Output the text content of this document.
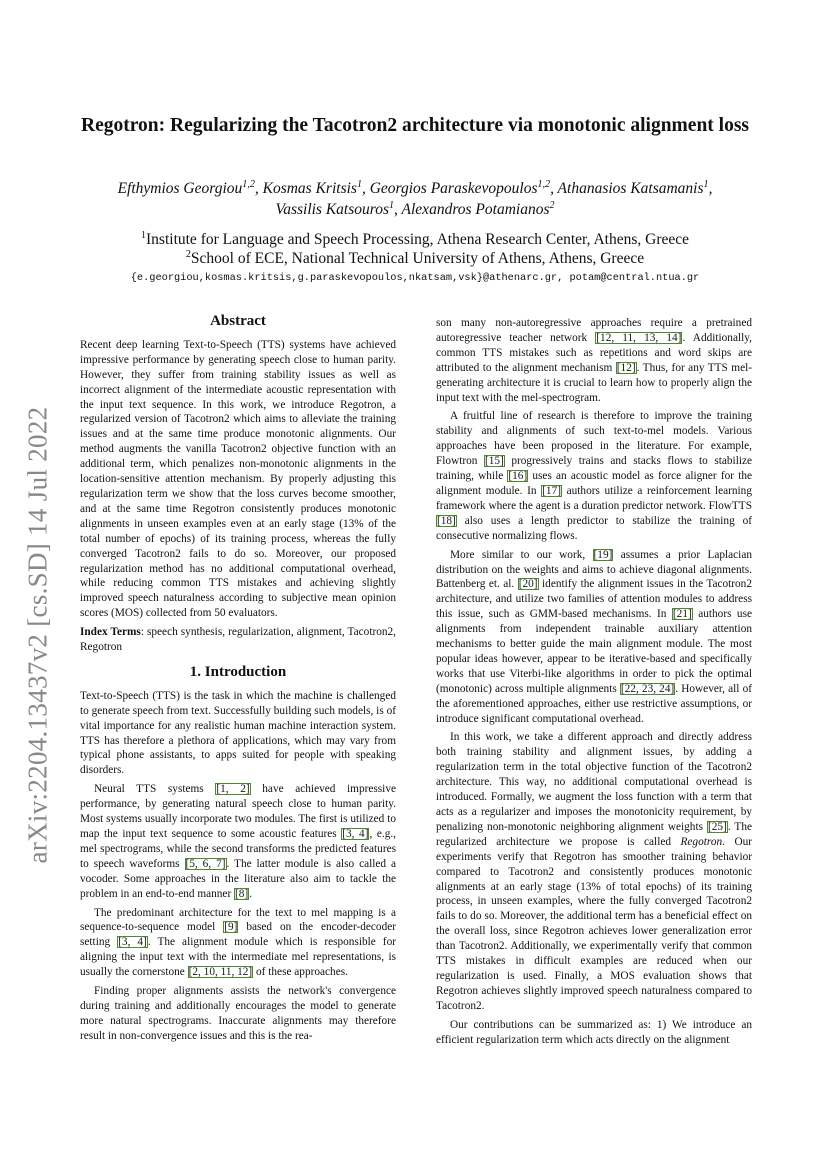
arXiv:2204.13437v2 [cs.SD] 14 Jul 2022
Regotron: Regularizing the Tacotron2 architecture via monotonic alignment loss
Efthymios Georgiou$^{1,2}$, Kosmas Kritsis$^1$, Georgios Paraskevopoulos$^{1,2}$, Athanasios Katsamanis$^1$,
Vassilis Katsouros$^1$, Alexandros Potamianos$^2$
$^1$Institute for Language and Speech Processing, Athena Research Center, Athens, Greece
$^2$School of ECE, National Technical University of Athens, Athens, Greece
{e.georgiou,kosmas.kritsis,g.paraskevopoulos,nkatsam,vsk}@athenarc.gr, potam@central.ntua.gr
Abstract

Recent deep learning Text-to-Speech (TTS) systems have achieved impressive performance by generating speech close to human parity. However, they suffer from training stability issues as well as incorrect alignment of the intermediate acoustic representation with the input text sequence. In this work, we introduce Regotron, a regularized version of Tacotron2 which aims to alleviate the training issues and at the same time produce monotonic alignments. Our method augments the vanilla Tacotron2 objective function with an additional term, which penalizes non-monotonic alignments in the location-sensitive attention mechanism. By properly adjusting this regularization term we show that the loss curves become smoother, and at the same time Regotron consistently produces monotonic alignments in unseen examples even at an early stage (13% of the total number of epochs) of its training process, whereas the fully converged Tacotron2 fails to do so. Moreover, our proposed regularization method has no additional computational overhead, while reducing common TTS mistakes and achieving slightly improved speech naturalness according to subjective mean opinion scores (MOS) collected from 50 evaluators.

Index Terms: speech synthesis, regularization, alignment, Tacotron2, Regotron

1. Introduction

Text-to-Speech (TTS) is the task in which the machine is challenged to generate speech from text. Successfully building such models, is of vital importance for any realistic human machine interaction system. TTS has therefore a plethora of applications, which may vary from typical phone assistants, to apps suited for people with speaking disorders.

Neural TTS systems [1, 2] have achieved impressive performance, by generating natural speech close to human parity. Most systems usually incorporate two modules. The first is utilized to map the input text sequence to some acoustic features [3, 4], e.g., mel spectrograms, while the second transforms the predicted features to speech waveforms [5, 6, 7]. The latter module is also called a vocoder. Some approaches in the literature also aim to tackle the problem in an end-to-end manner [8].

The predominant architecture for the text to mel mapping is a sequence-to-sequence model [9] based on the encoder-decoder setting [3, 4]. The alignment module which is responsible for aligning the input text with the intermediate mel representations, is usually the cornerstone [2, 10, 11, 12] of these approaches.

Finding proper alignments assists the network's convergence during training and additionally encourages the model to generate more natural spectrograms. Inaccurate alignments may therefore result in non-convergence issues and this is the rea-

son many non-autoregressive approaches require a pretrained autoregressive teacher network [12, 11, 13, 14]. Additionally, common TTS mistakes such as repetitions and word skips are attributed to the alignment mechanism [12]. Thus, for any TTS mel-generating architecture it is crucial to learn how to properly align the input text with the mel-spectrogram.

A fruitful line of research is therefore to improve the training stability and alignments of such text-to-mel models. Various approaches have been proposed in the literature. For example, Flowtron [15] progressively trains and stacks flows to stabilize training, while [16] uses an acoustic model as force aligner for the alignment module. In [17] authors utilize a reinforcement learning framework where the agent is a duration predictor network. FlowTTS [18] also uses a length predictor to stabilize the training of consecutive normalizing flows.

More similar to our work, [19] assumes a prior Laplacian distribution on the weights and aims to achieve diagonal alignments. Battenberg et. al. [20] identify the alignment issues in the Tacotron2 architecture, and utilize two families of attention modules to address this issue, such as GMM-based mechanisms. In [21] authors use alignments from independent trainable auxiliary attention mechanisms to better guide the main alignment module. The most popular ideas however, appear to be iterative-based and specifically works that use Viterbi-like algorithms in order to pick the optimal (monotonic) across multiple alignments [22, 23, 24]. However, all of the aforementioned approaches, either use restrictive assumptions, or introduce significant computational overhead.

In this work, we take a different approach and directly address both training stability and alignment issues, by adding a regularization term in the total objective function of the Tacotron2 architecture. This way, no additional computational overhead is introduced. Formally, we augment the loss function with a term that acts as a regularizer and imposes the monotonicity requirement, by penalizing non-monotonic neighboring alignment weights [25]. The regularized architecture we propose is called Regotron. Our experiments verify that Regotron has smoother training behavior compared to Tacotron2 and consistently produces monotonic alignments at an early stage (13% of total epochs) of its training process, in unseen examples, where the fully converged Tacotron2 fails to do so. Moreover, the additional term has a beneficial effect on the overall loss, since Regotron achieves lower generalization error than Tacotron2. Additionally, we experimentally verify that common TTS mistakes in difficult examples are reduced when our regularization is used. Finally, a MOS evaluation shows that Regotron achieves slightly improved speech naturalness compared to Tacotron2.

Our contributions can be summarized as: 1) We introduce an efficient regularization term which acts directly on the alignment
